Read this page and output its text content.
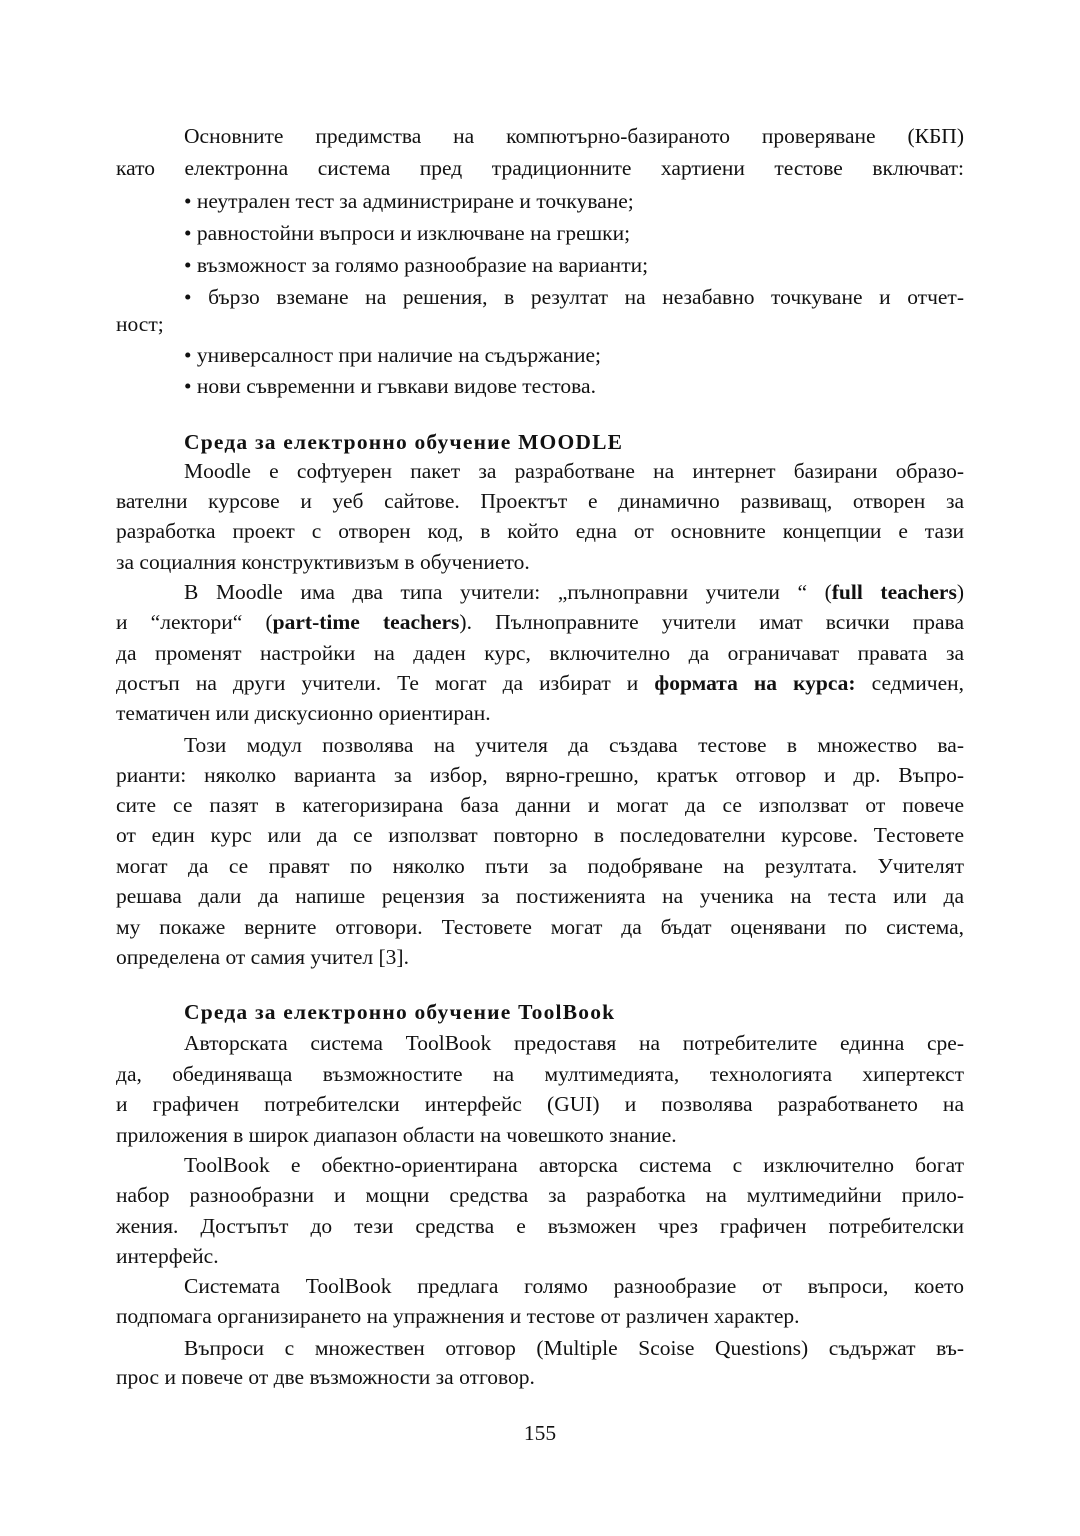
Основните предимства на компютърно-базираното проверяване (КБП)
като електронна система пред традиционните хартиени тестове включват:
• неутрален тест за администриране и точкуване;
• равностойни въпроси и изключване на грешки;
• възможност за голямо разнообразие на варианти;
• бързо вземане на решения, в резултат на незабавно точкуване и отчет-
ност;
• универсалност при наличие на съдържание;
• нови съвременни и гъвкави видове тестова.
Среда за електронно обучение MOODLE
Moodle е софтуерен пакет за разработване на интернет базирани образо-
вателни курсове и уеб сайтове. Проектът е динамично развиващ, отворен за
разработка проект с отворен код, в който една от основните концепции е тази
за социалния конструктивизъм в обучението.
В Moodle има два типа учители: „пълноправни учители “ (full teachers)
и “лектори“ (part-time teachers). Пълноправните учители имат всички права
да променят настройки на даден курс, включително да ограничават правата за
достъп на други учители. Те могат да избират и формата на курса: седмичен,
тематичен или дискусионно ориентиран.
Този модул позволява на учителя да създава тестове в множество ва-
рианти: няколко варианта за избор, вярно-грешно, кратък отговор и др. Въпро-
сите се пазят в категоризирана база данни и могат да се използват от повече
от един курс или да се използват повторно в последователни курсове. Тестовете
могат да се правят по няколко пъти за подобряване на резултата. Учителят
решава дали да напише рецензия за постиженията на ученика на теста или да
му покаже верните отговори. Тестовете могат да бъдат оценявани по система,
определена от самия учител [3].
Среда за електронно обучение ToolBook
Авторската система ToolBook предоставя на потребителите единна сре-
да, обединяваща възможностите на мултимедията, технологията хипертекст
и графичен потребителски интерфейс (GUI) и позволява разработването на
приложения в широк диапазон области на човешкото знание.
ToolBook е обектно-ориентирана авторска система с изключително богат
набор разнообразни и мощни средства за разработка на мултимедийни прило-
жения. Достъпът до тези средства е възможен чрез графичен потребителски
интерфейс.
Системата ToolBook предлага голямо разнообразие от въпроси, което
подпомага организирането на упражнения и тестове от различен характер.
Въпроси с множествен отговор (Multiple Scoise Questions) съдържат въ-
прос и повече от две възможности за отговор.
155
